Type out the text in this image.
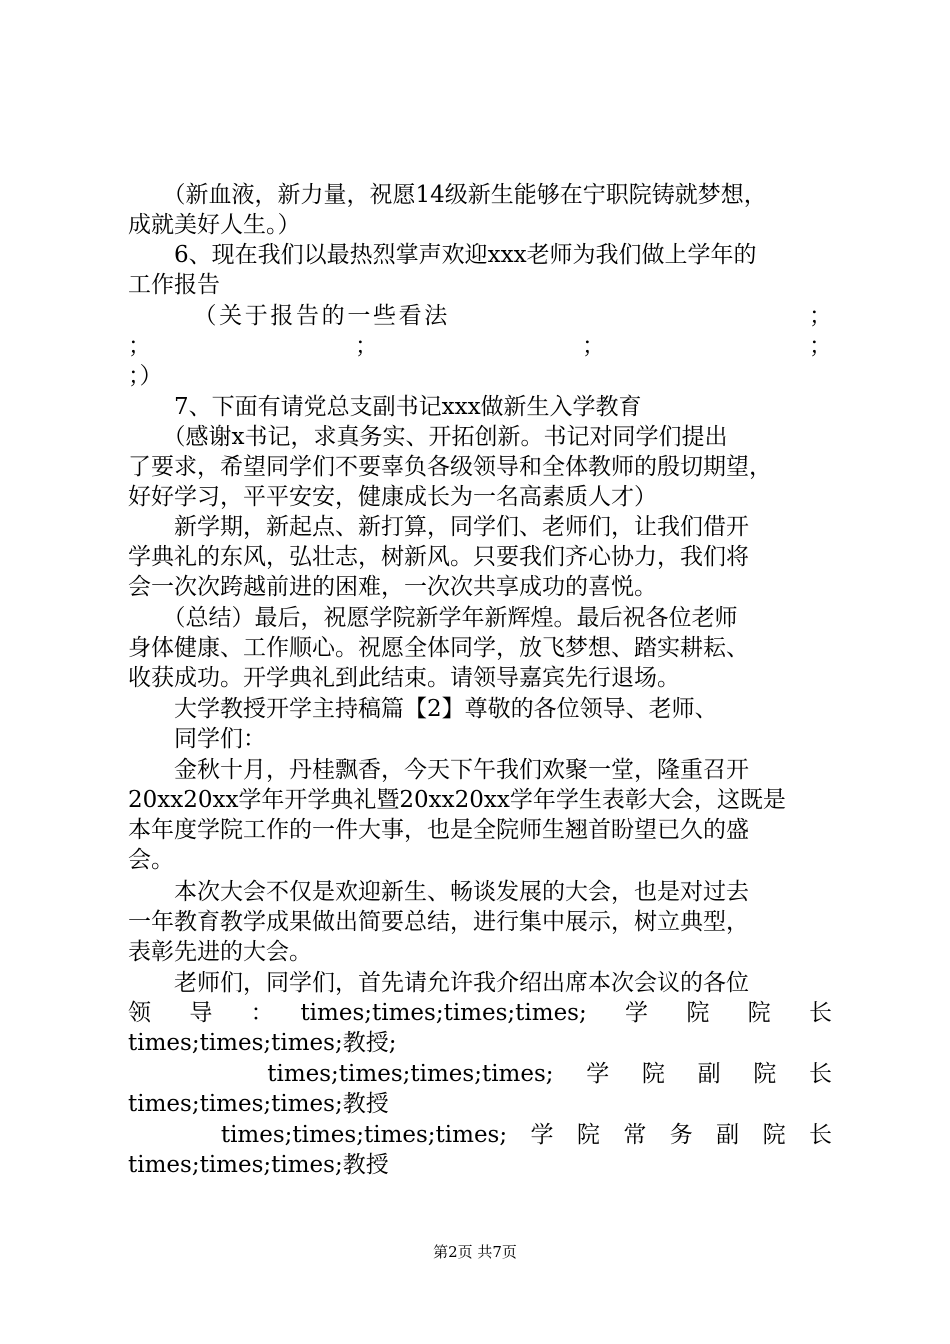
　　（新血液，新力量，祝愿14级新生能够在宁职院铸就梦想，
成就美好人生。）
　　6、现在我们以最热烈掌声欢迎xxx老师为我们做上学年的
工作报告
　　　（关于报告的一些看法　　　　　　　　　　　　　　；
；　　　　　　　；　　　　　　　；　　　　　　　；
；）
　　7、下面有请党总支副书记xxx做新生入学教育
　　（感谢x书记，求真务实、开拓创新。书记对同学们提出
了要求，希望同学们不要辜负各级领导和全体教师的殷切期望，
好好学习，平平安安，健康成长为一名高素质人才）
　　新学期，新起点、新打算，同学们、老师们，让我们借开
学典礼的东风，弘壮志，树新风。只要我们齐心协力，我们将
会一次次跨越前进的困难，一次次共享成功的喜悦。
　　（总结）最后，祝愿学院新学年新辉煌。最后祝各位老师
身体健康、工作顺心。祝愿全体同学，放飞梦想、踏实耕耘、
收获成功。开学典礼到此结束。请领导嘉宾先行退场。
　　大学教授开学主持稿篇【2】尊敬的各位领导、老师、
　　同学们：
　　金秋十月，丹桂飘香，今天下午我们欢聚一堂，隆重召开
20xx20xx学年开学典礼暨20xx20xx学年学生表彰大会，这既是
本年度学院工作的一件大事，也是全院师生翘首盼望已久的盛
会。
　　本次大会不仅是欢迎新生、畅谈发展的大会，也是对过去
一年教育教学成果做出简要总结，进行集中展示，树立典型，
表彰先进的大会。
　　老师们，同学们，首先请允许我介绍出席本次会议的各位
领　导　：　times;times;times;times;　学　院　院　长
times;times;times;教授;
　　　　　times;times;times;times;　学　院　副　院　长
times;times;times;教授
　　　　times;times;times;times;　学　院　常　务　副　院　长
times;times;times;教授
第2页 共7页
